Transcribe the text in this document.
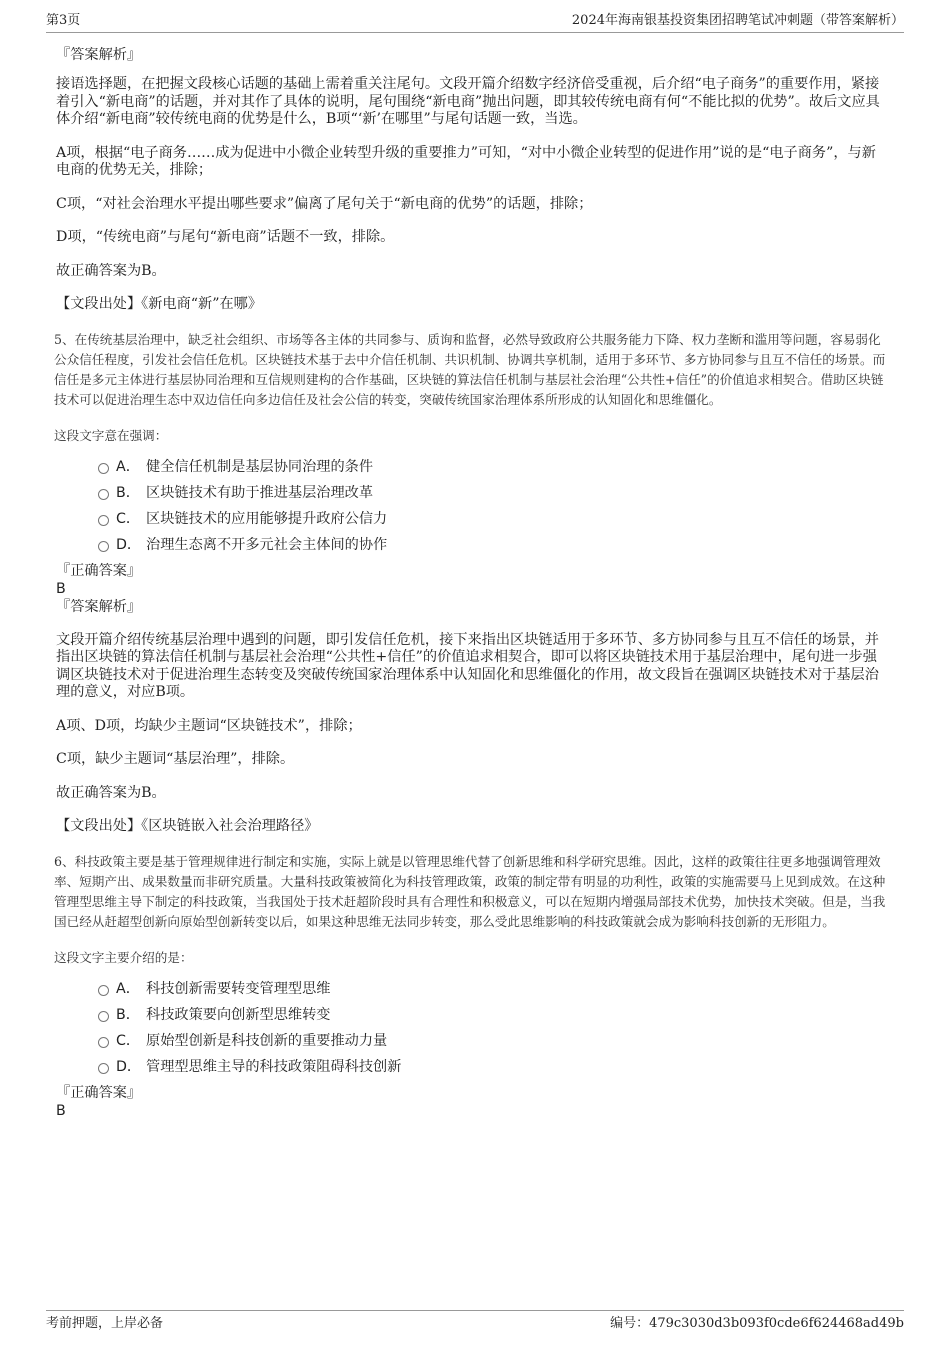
第3页	2024年海南银基投资集团招聘笔试冲刺题（带答案解析）

『答案解析』

接语选择题，在把握文段核心话题的基础上需着重关注尾句。文段开篇介绍数字经济倍受重视，后介绍“电子商务”的重要作用，紧接着引入“新电商”的话题，并对其作了具体的说明，尾句围绕“新电商”抛出问题，即其较传统电商有何“不能比拟的优势”。故后文应具体介绍“新电商”较传统电商的优势是什么，B项“‘新’在哪里”与尾句话题一致，当选。

A项，根据“电子商务……成为促进中小微企业转型升级的重要推力”可知，“对中小微企业转型的促进作用”说的是“电子商务”，与新电商的优势无关，排除；

C项，“对社会治理水平提出哪些要求”偏离了尾句关于“新电商的优势”的话题，排除；

D项，“传统电商”与尾句“新电商”话题不一致，排除。

故正确答案为B。

【文段出处】《新电商“新”在哪》

5、在传统基层治理中，缺乏社会组织、市场等各主体的共同参与、质询和监督，必然导致政府公共服务能力下降、权力垄断和滥用等问题，容易弱化公众信任程度，引发社会信任危机。区块链技术基于去中介信任机制、共识机制、协调共享机制，适用于多环节、多方协同参与且互不信任的场景。而信任是多元主体进行基层协同治理和互信规则建构的合作基础，区块链的算法信任机制与基层社会治理“公共性+信任”的价值追求相契合。借助区块链技术可以促进治理生态中双边信任向多边信任及社会公信的转变，突破传统国家治理体系所形成的认知固化和思维僵化。

这段文字意在强调：

A． 健全信任机制是基层协同治理的条件
B． 区块链技术有助于推进基层治理改革
C． 区块链技术的应用能够提升政府公信力
D． 治理生态离不开多元社会主体间的协作

『正确答案』

B

『答案解析』

文段开篇介绍传统基层治理中遇到的问题，即引发信任危机，接下来指出区块链适用于多环节、多方协同参与且互不信任的场景，并指出区块链的算法信任机制与基层社会治理“公共性+信任”的价值追求相契合，即可以将区块链技术用于基层治理中，尾句进一步强调区块链技术对于促进治理生态转变及突破传统国家治理体系中认知固化和思维僵化的作用，故文段旨在强调区块链技术对于基层治理的意义，对应B项。

A项、D项，均缺少主题词“区块链技术”，排除；

C项，缺少主题词“基层治理”，排除。

故正确答案为B。

【文段出处】《区块链嵌入社会治理路径》

6、科技政策主要是基于管理规律进行制定和实施，实际上就是以管理思维代替了创新思维和科学研究思维。因此，这样的政策往往更多地强调管理效率、短期产出、成果数量而非研究质量。大量科技政策被简化为科技管理政策，政策的制定带有明显的功利性，政策的实施需要马上见到成效。在这种管理型思维主导下制定的科技政策，当我国处于技术赶超阶段时具有合理性和积极意义，可以在短期内增强局部技术优势，加快技术突破。但是，当我国已经从赶超型创新向原始型创新转变以后，如果这种思维无法同步转变，那么受此思维影响的科技政策就会成为影响科技创新的无形阻力。

这段文字主要介绍的是：

A． 科技创新需要转变管理型思维
B． 科技政策要向创新型思维转变
C． 原始型创新是科技创新的重要推动力量
D． 管理型思维主导的科技政策阻碍科技创新

『正确答案』

B

考前押题，上岸必备	编号：479c3030d3b093f0cde6f624468ad49b
